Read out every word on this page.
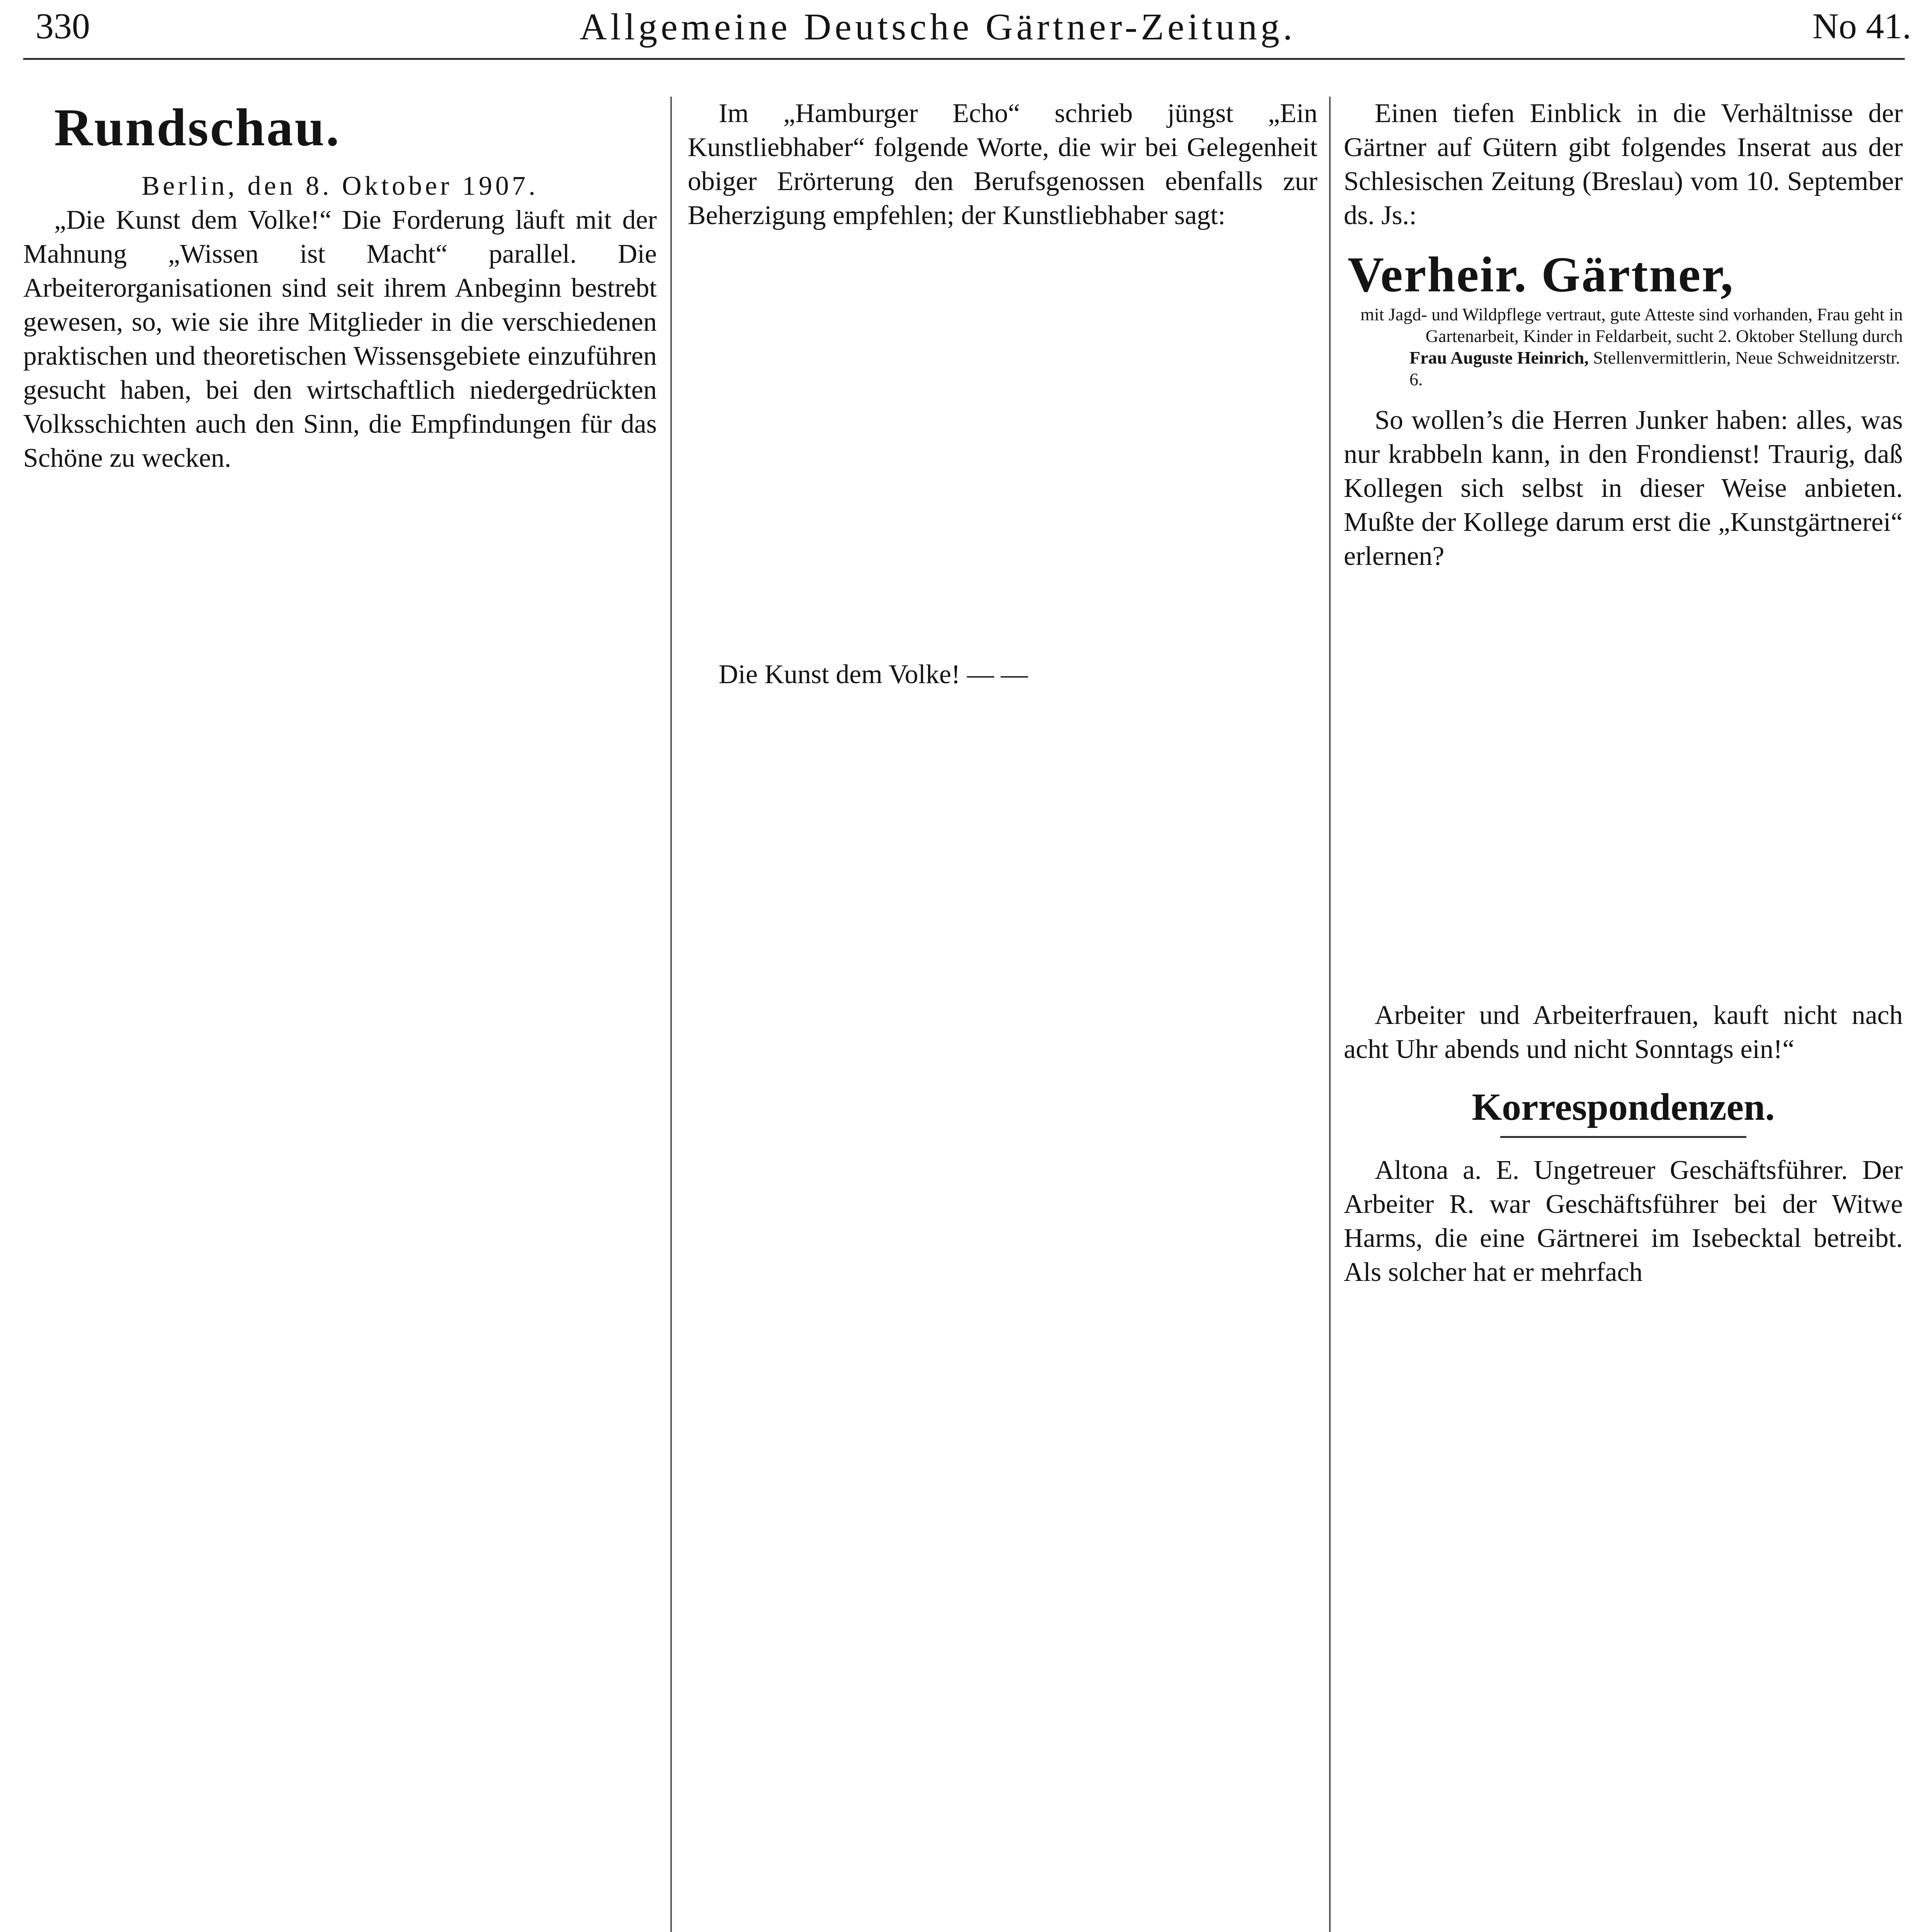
330	Allgemeine Deutsche Gärtner-Zeitung.	No 41.
Rundschau.

Berlin, den 8. Oktober 1907.

„Die Kunst dem Volke!“ Die Forderung läuft mit der Mahnung „Wissen ist Macht“ parallel. Die Arbeiterorganisationen sind seit ihrem Anbeginn bestrebt gewesen, so, wie sie ihre Mitglieder in die verschiedenen praktischen und theoretischen Wissensgebiete einzuführen gesucht haben, bei den wirtschaftlich niedergedrückten Volksschichten auch den Sinn, die Empfindungen für das Schöne zu wecken.

Im „Hamburger Echo“ schrieb jüngst „Ein Kunstliebhaber“ folgende Worte, die wir bei Gelegenheit obiger Erörterung den Berufsgenossen ebenfalls zur Beherzigung empfehlen; der Kunstliebhaber sagt:

Die Kunst dem Volke! — —

Einen tiefen Einblick in die Verhältnisse der Gärtner auf Gütern gibt folgendes Inserat aus der Schlesischen Zeitung (Breslau) vom 10. September ds. Js.:

Verheir. Gärtner,

mit Jagd- und Wildpflege vertraut, gute Atteste sind vorhanden, Frau geht in Gartenarbeit, Kinder in Feldarbeit, sucht 2. Oktober Stellung durch

Frau Auguste Heinrich, Stellenvermittlerin, Neue Schweidnitzerstr. 6.

So wollen’s die Herren Junker haben: alles, was nur krabbeln kann, in den Frondienst! Traurig, daß Kollegen sich selbst in dieser Weise anbieten. Mußte der Kollege darum erst die „Kunstgärtnerei“ erlernen?

Arbeiter und Arbeiterfrauen, kauft nicht nach acht Uhr abends und nicht Sonntags ein!“

Korrespondenzen.

Altona a. E. Ungetreuer Geschäftsführer. Der Arbeiter R. war Geschäftsführer bei der Witwe Harms, die eine Gärtnerei im Isebecktal betreibt. Als solcher hat er mehrfach
